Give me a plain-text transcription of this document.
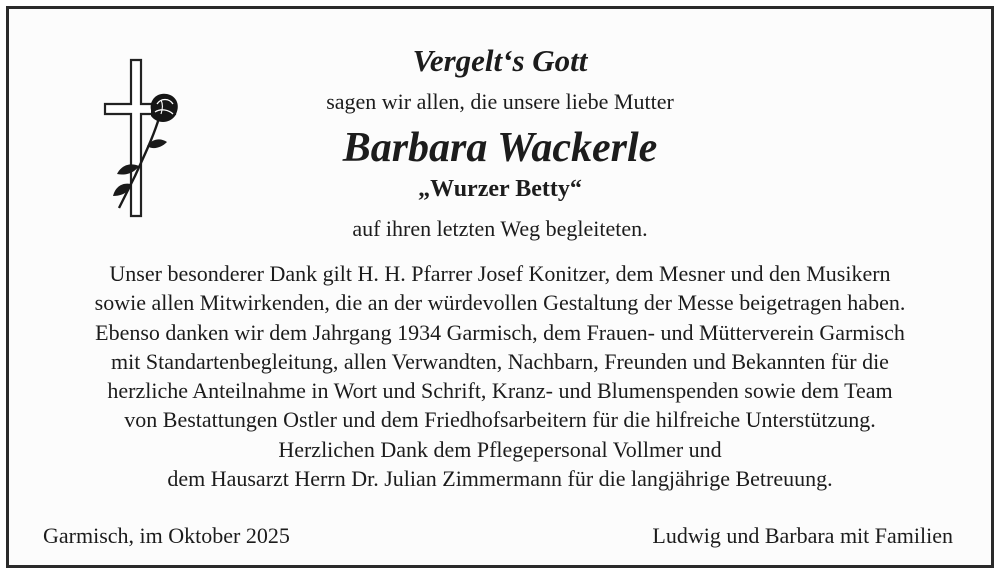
Vergelt‘s Gott
sagen wir allen, die unsere liebe Mutter
Barbara Wackerle
„Wurzer Betty“
auf ihren letzten Weg begleiteten.
Unser besonderer Dank gilt H. H. Pfarrer Josef Konitzer, dem Mesner und den Musikern
sowie allen Mitwirkenden, die an der würdevollen Gestaltung der Messe beigetragen haben.
Ebenso danken wir dem Jahrgang 1934 Garmisch, dem Frauen- und Mütterverein Garmisch
mit Standartenbegleitung, allen Verwandten, Nachbarn, Freunden und Bekannten für die
herzliche Anteilnahme in Wort und Schrift, Kranz- und Blumenspenden sowie dem Team
von Bestattungen Ostler und dem Friedhofsarbeitern für die hilfreiche Unterstützung.
Herzlichen Dank dem Pflegepersonal Vollmer und
dem Hausarzt Herrn Dr. Julian Zimmermann für die langjährige Betreuung.
Garmisch, im Oktober 2025	Ludwig und Barbara mit Familien
